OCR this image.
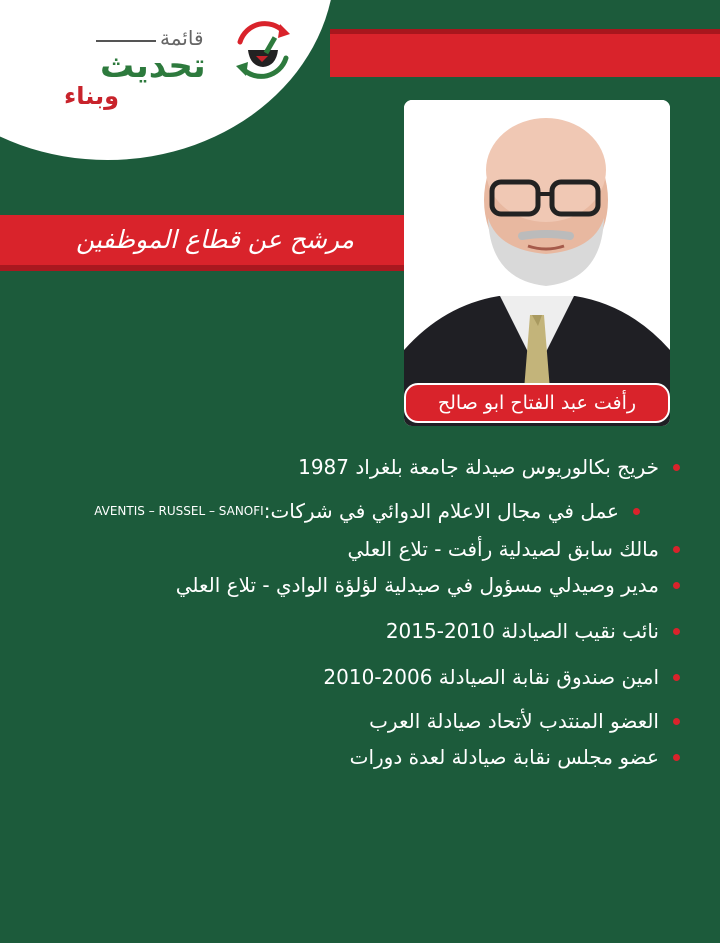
قائمة
تحديث
وبناء
مرشح عن قطاع الموظفين
رأفت عبد الفتاح ابو صالح
خريج بكالوريوس صيدلة جامعة بلغراد 1987
عمل في مجال الاعلام الدوائي في شركات:
AVENTIS – RUSSEL – SANOFI
مالك سابق لصيدلية رأفت - تلاع العلي
مدير وصيدلي مسؤول في صيدلية لؤلؤة الوادي - تلاع العلي
نائب نقيب الصيادلة 2010-2015
امين صندوق نقابة الصيادلة 2006-2010
العضو المنتدب لأتحاد صيادلة العرب
عضو مجلس نقابة صيادلة لعدة دورات
